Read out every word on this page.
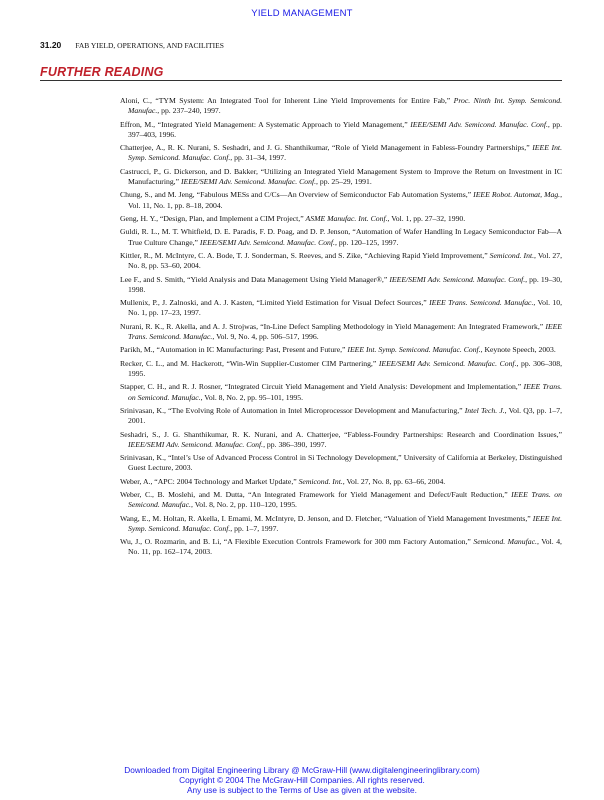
YIELD MANAGEMENT
31.20 FAB YIELD, OPERATIONS, AND FACILITIES
FURTHER READING

Aloni, C., “TYM System: An Integrated Tool for Inherent Line Yield Improvements for Entire Fab,” Proc. Ninth Int. Symp. Semicond. Manufac., pp. 237–240, 1997.

Effron, M., “Integrated Yield Management: A Systematic Approach to Yield Management,” IEEE/SEMI Adv. Semicond. Manufac. Conf., pp. 397–403, 1996.

Chatterjee, A., R. K. Nurani, S. Seshadri, and J. G. Shanthikumar, “Role of Yield Management in Fabless-Foundry Partnerships,” IEEE Int. Symp. Semicond. Manufac. Conf., pp. 31–34, 1997.

Castrucci, P., G. Dickerson, and D. Bakker, “Utilizing an Integrated Yield Management System to Improve the Return on Investment in IC Manufacturing,” IEEE/SEMI Adv. Semicond. Manufac. Conf., pp. 25–29, 1991.

Chung, S., and M. Jeng, “Fabulous MESs and C/Cs—An Overview of Semiconductor Fab Automation Systems,” IEEE Robot. Automat, Mag., Vol. 11, No. 1, pp. 8–18, 2004.

Geng, H. Y., “Design, Plan, and Implement a CIM Project,” ASME Manufac. Int. Conf., Vol. 1, pp. 27–32, 1990.

Guldi, R. L., M. T. Whitfield, D. E. Paradis, F. D. Poag, and D. P. Jenson, “Automation of Wafer Handling In Legacy Semiconductor Fab—A True Culture Change,” IEEE/SEMI Adv. Semicond. Manufac. Conf., pp. 120–125, 1997.

Kittler, R., M. McIntyre, C. A. Bode, T. J. Sonderman, S. Reeves, and S. Zike, “Achieving Rapid Yield Improvement,” Semicond. Int., Vol. 27, No. 8, pp. 53–60, 2004.

Lee F., and S. Smith, “Yield Analysis and Data Management Using Yield Manager®,” IEEE/SEMI Adv. Semicond. Manufac. Conf., pp. 19–30, 1998.

Mullenix, P., J. Zalnoski, and A. J. Kasten, “Limited Yield Estimation for Visual Defect Sources,” IEEE Trans. Semicond. Manufac., Vol. 10, No. 1, pp. 17–23, 1997.

Nurani, R. K., R. Akella, and A. J. Strojwas, “In-Line Defect Sampling Methodology in Yield Management: An Integrated Framework,” IEEE Trans. Semicond. Manufac., Vol. 9, No. 4, pp. 506–517, 1996.

Parikh, M., “Automation in IC Manufacturing: Past, Present and Future,” IEEE Int. Symp. Semicond. Manufac. Conf., Keynote Speech, 2003.

Recker, C. L., and M. Hackerott, “Win-Win Supplier-Customer CIM Partnering,” IEEE/SEMI Adv. Semicond. Manufac. Conf., pp. 306–308, 1995.

Stapper, C. H., and R. J. Rosner, “Integrated Circuit Yield Management and Yield Analysis: Development and Implementation,” IEEE Trans. on Semicond. Manufac., Vol. 8, No. 2, pp. 95–101, 1995.

Srinivasan, K., “The Evolving Role of Automation in Intel Microprocessor Development and Manufacturing,” Intel Tech. J., Vol. Q3, pp. 1–7, 2001.

Seshadri, S., J. G. Shanthikumar, R. K. Nurani, and A. Chatterjee, “Fabless-Foundry Partnerships: Research and Coordination Issues,” IEEE/SEMI Adv. Semicond. Manufac. Conf., pp. 386–390, 1997.

Srinivasan, K., “Intel’s Use of Advanced Process Control in Si Technology Development,” University of California at Berkeley, Distinguished Guest Lecture, 2003.

Weber, A., “APC: 2004 Technology and Market Update,” Semicond. Int., Vol. 27, No. 8, pp. 63–66, 2004.

Weber, C., B. Moslehi, and M. Dutta, “An Integrated Framework for Yield Management and Defect/Fault Reduction,” IEEE Trans. on Semicond. Manufac., Vol. 8, No. 2, pp. 110–120, 1995.

Wang, E., M. Holtan, R. Akella, I. Emami, M. McIntyre, D. Jenson, and D. Fletcher, “Valuation of Yield Management Investments,” IEEE Int. Symp. Semicond. Manufac. Conf., pp. 1–7, 1997.

Wu, J., O. Rozmarin, and B. Li, “A Flexible Execution Controls Framework for 300 mm Factory Automation,” Semicond. Manufac., Vol. 4, No. 11, pp. 162–174, 2003.

Downloaded from Digital Engineering Library @ McGraw-Hill (www.digitalengineeringlibrary.com)
Copyright © 2004 The McGraw-Hill Companies. All rights reserved.
Any use is subject to the Terms of Use as given at the website.
